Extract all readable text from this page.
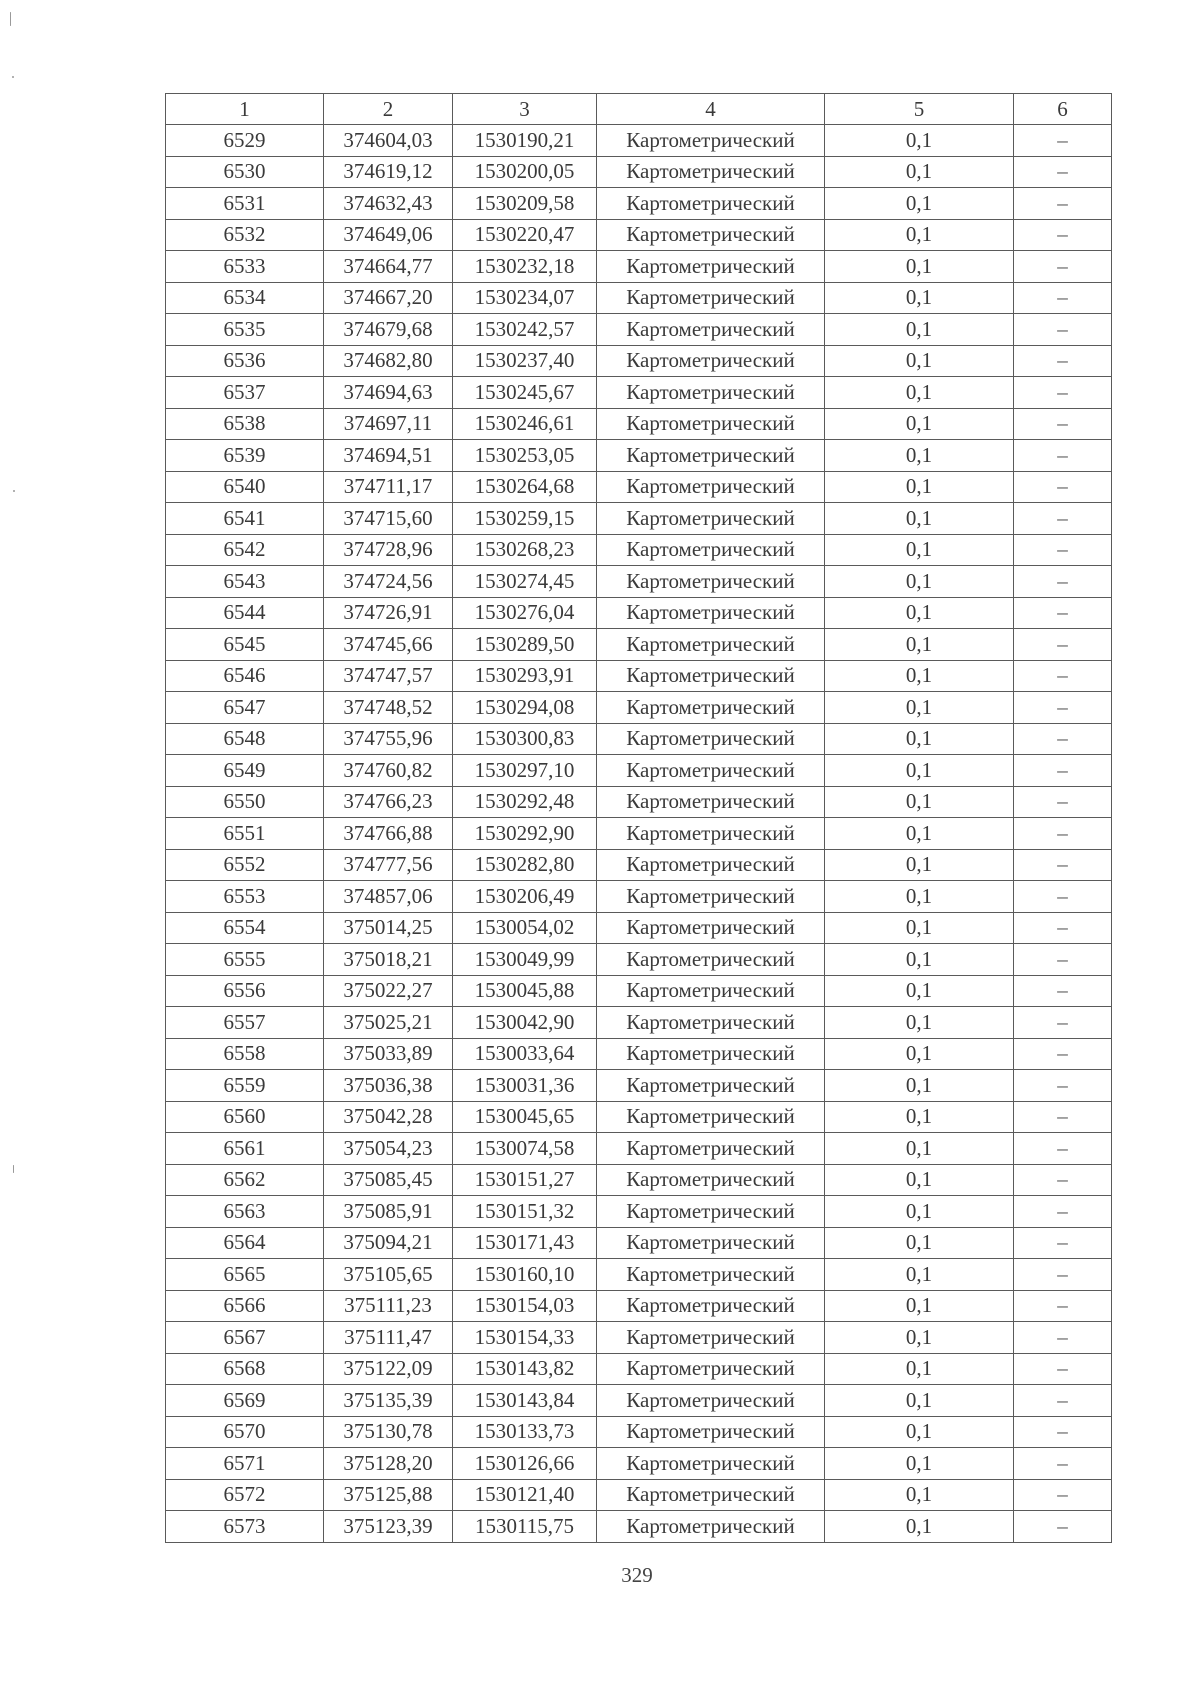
1	2	3	4	5	6
6529	374604,03	1530190,21	Картометрический	0,1	–
6530	374619,12	1530200,05	Картометрический	0,1	–
6531	374632,43	1530209,58	Картометрический	0,1	–
6532	374649,06	1530220,47	Картометрический	0,1	–
6533	374664,77	1530232,18	Картометрический	0,1	–
6534	374667,20	1530234,07	Картометрический	0,1	–
6535	374679,68	1530242,57	Картометрический	0,1	–
6536	374682,80	1530237,40	Картометрический	0,1	–
6537	374694,63	1530245,67	Картометрический	0,1	–
6538	374697,11	1530246,61	Картометрический	0,1	–
6539	374694,51	1530253,05	Картометрический	0,1	–
6540	374711,17	1530264,68	Картометрический	0,1	–
6541	374715,60	1530259,15	Картометрический	0,1	–
6542	374728,96	1530268,23	Картометрический	0,1	–
6543	374724,56	1530274,45	Картометрический	0,1	–
6544	374726,91	1530276,04	Картометрический	0,1	–
6545	374745,66	1530289,50	Картометрический	0,1	–
6546	374747,57	1530293,91	Картометрический	0,1	–
6547	374748,52	1530294,08	Картометрический	0,1	–
6548	374755,96	1530300,83	Картометрический	0,1	–
6549	374760,82	1530297,10	Картометрический	0,1	–
6550	374766,23	1530292,48	Картометрический	0,1	–
6551	374766,88	1530292,90	Картометрический	0,1	–
6552	374777,56	1530282,80	Картометрический	0,1	–
6553	374857,06	1530206,49	Картометрический	0,1	–
6554	375014,25	1530054,02	Картометрический	0,1	–
6555	375018,21	1530049,99	Картометрический	0,1	–
6556	375022,27	1530045,88	Картометрический	0,1	–
6557	375025,21	1530042,90	Картометрический	0,1	–
6558	375033,89	1530033,64	Картометрический	0,1	–
6559	375036,38	1530031,36	Картометрический	0,1	–
6560	375042,28	1530045,65	Картометрический	0,1	–
6561	375054,23	1530074,58	Картометрический	0,1	–
6562	375085,45	1530151,27	Картометрический	0,1	–
6563	375085,91	1530151,32	Картометрический	0,1	–
6564	375094,21	1530171,43	Картометрический	0,1	–
6565	375105,65	1530160,10	Картометрический	0,1	–
6566	375111,23	1530154,03	Картометрический	0,1	–
6567	375111,47	1530154,33	Картометрический	0,1	–
6568	375122,09	1530143,82	Картометрический	0,1	–
6569	375135,39	1530143,84	Картометрический	0,1	–
6570	375130,78	1530133,73	Картометрический	0,1	–
6571	375128,20	1530126,66	Картометрический	0,1	–
6572	375125,88	1530121,40	Картометрический	0,1	–
6573	375123,39	1530115,75	Картометрический	0,1	–
329
